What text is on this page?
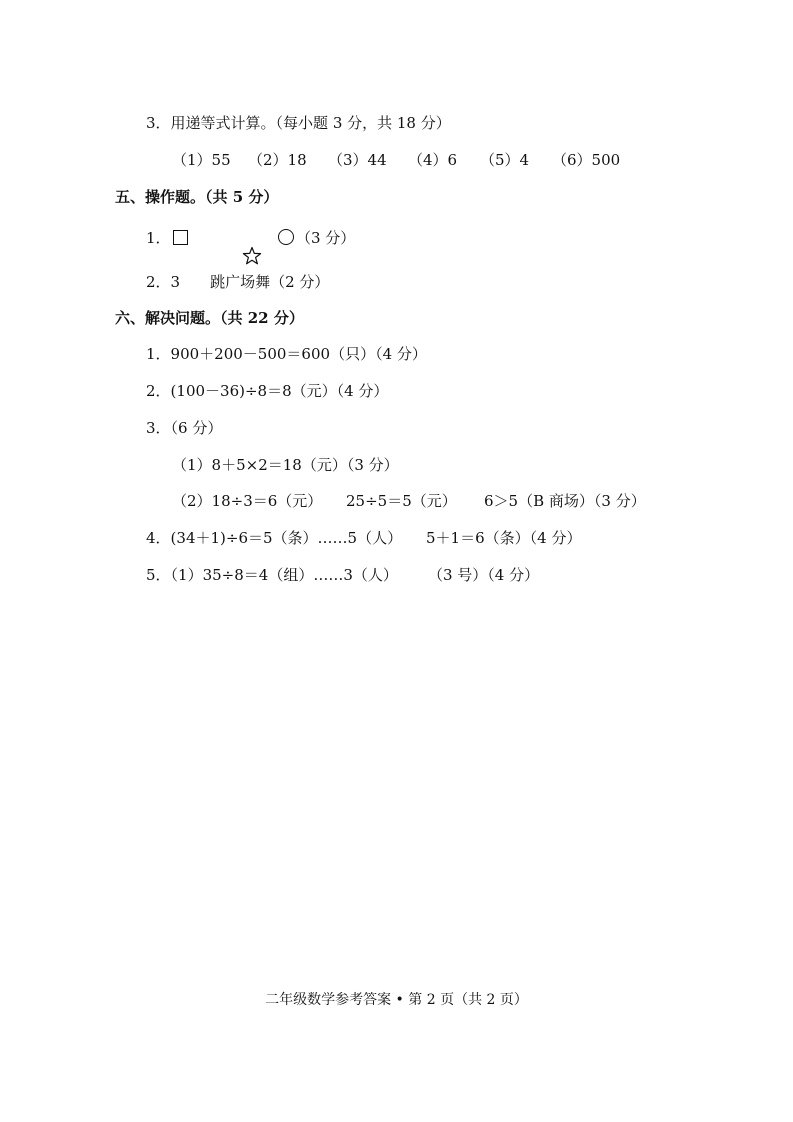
3．用递等式计算。（每小题 3 分，共 18 分）

（1）55

（2）18

（3）44

（4）6

（5）4

（6）500

五、操作题。（共 5 分）

1．

	（3 分）

2．3　　跳广场舞（2 分）
六、解决问题。（共 22 分）
1．900＋200－500＝600（只）（4 分）
2．(100－36)÷8＝8（元）（4 分）
3．（6 分）
（1）8＋5×2＝18（元）（3 分）

（2）18÷3＝6（元）

25÷5＝5（元）

6＞5（B 商场）（3 分）

4．(34＋1)÷6＝5（条）……5（人）

5＋1＝6（条）（4 分）

5．（1）35÷8＝4（组）……3（人）

（3 号）（4 分）

二年级数学参考答案 • 第 2 页（共 2 页）
